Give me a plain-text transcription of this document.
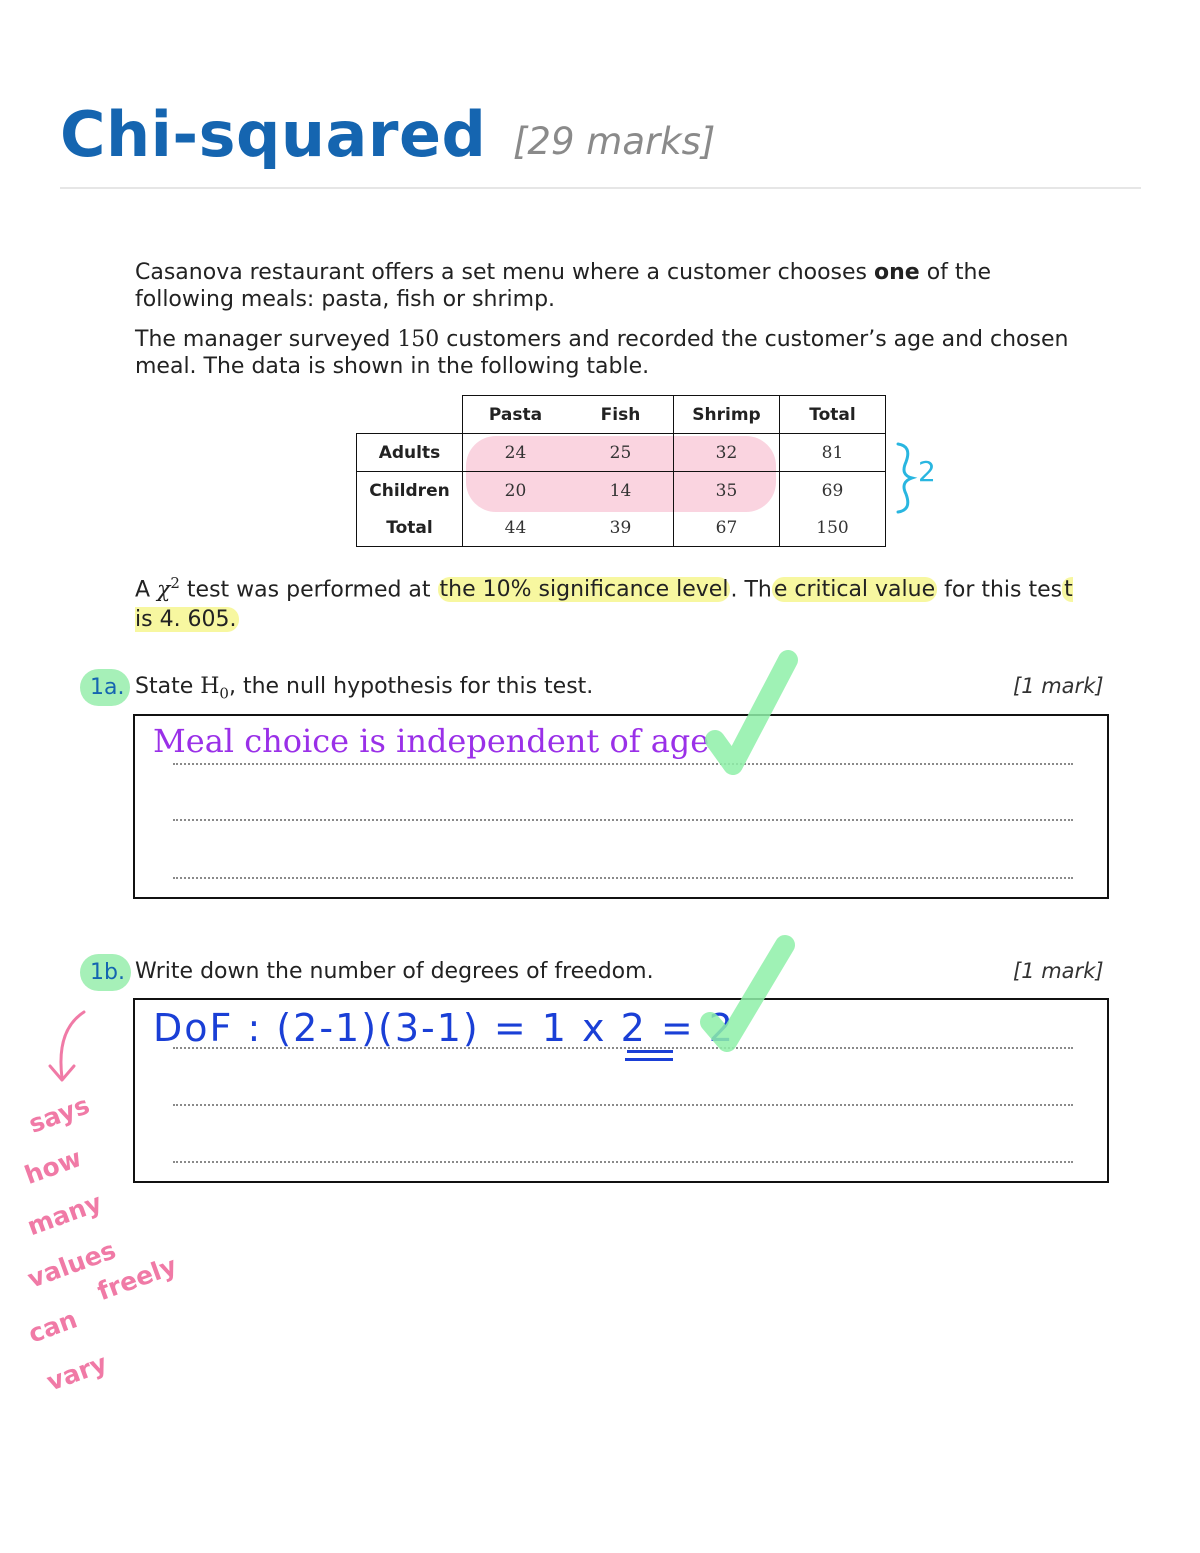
Chi-squared [29 marks]

Casanova restaurant offers a set menu where a customer chooses one of the following meals: pasta, fish or shrimp.

The manager surveyed 150 customers and recorded the customer’s age and chosen meal. The data is shown in the following table.

	Pasta	Fish	Shrimp	Total
Adults	24	25	32	81
Children	20	14	35	69
Total	44	39	67	150
2

A $\chi^2$ test was performed at the 10% significance level. The critical value for this test is 4. 605.

1a. State $H_0$, the null hypothesis for this test.	[1 mark]
Meal choice is independent of age
1b. Write down the number of degrees of freedom.	[1 mark]
DoF : (2-1)(3-1) = 1 x 2 = 2
says
how
many
values
can
freely
vary
